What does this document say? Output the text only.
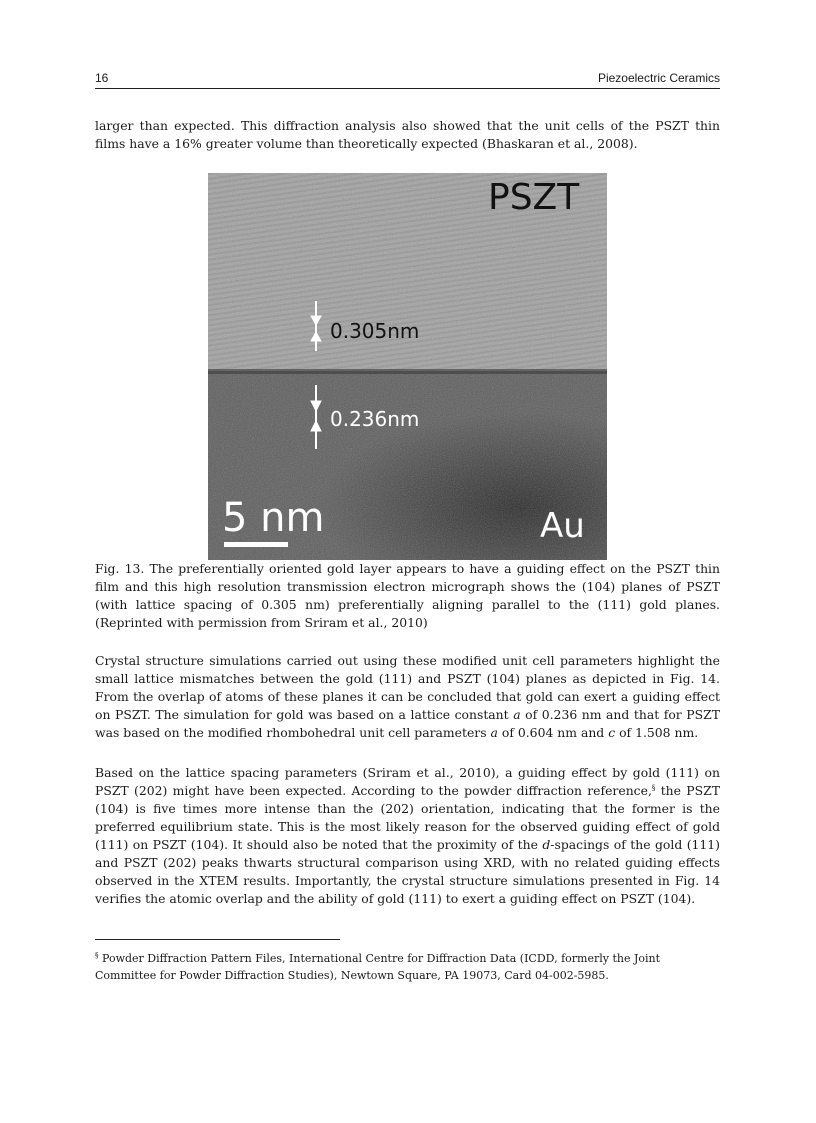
16	Piezoelectric Ceramics

larger than expected. This diffraction analysis also showed that the unit cells of the PSZT thin films have a 16% greater volume than theoretically expected (Bhaskaran et al., 2008).

PSZT
0.305nm
0.236nm
5 nm	Au

Fig. 13. The preferentially oriented gold layer appears to have a guiding effect on the PSZT thin film and this high resolution transmission electron micrograph shows the (104) planes of PSZT (with lattice spacing of 0.305 nm) preferentially aligning parallel to the (111) gold planes. (Reprinted with permission from Sriram et al., 2010)

Crystal structure simulations carried out using these modified unit cell parameters highlight the small lattice mismatches between the gold (111) and PSZT (104) planes as depicted in Fig. 14. From the overlap of atoms of these planes it can be concluded that gold can exert a guiding effect on PSZT. The simulation for gold was based on a lattice constant a of 0.236 nm and that for PSZT was based on the modified rhombohedral unit cell parameters a of 0.604 nm and c of 1.508 nm.

Based on the lattice spacing parameters (Sriram et al., 2010), a guiding effect by gold (111) on PSZT (202) might have been expected. According to the powder diffraction reference,§ the PSZT (104) is five times more intense than the (202) orientation, indicating that the former is the preferred equilibrium state. This is the most likely reason for the observed guiding effect of gold (111) on PSZT (104). It should also be noted that the proximity of the d-spacings of the gold (111) and PSZT (202) peaks thwarts structural comparison using XRD, with no related guiding effects observed in the XTEM results. Importantly, the crystal structure simulations presented in Fig. 14 verifies the atomic overlap and the ability of gold (111) to exert a guiding effect on PSZT (104).

§ Powder Diffraction Pattern Files, International Centre for Diffraction Data (ICDD, formerly the Joint Committee for Powder Diffraction Studies), Newtown Square, PA 19073, Card 04-002-5985.
